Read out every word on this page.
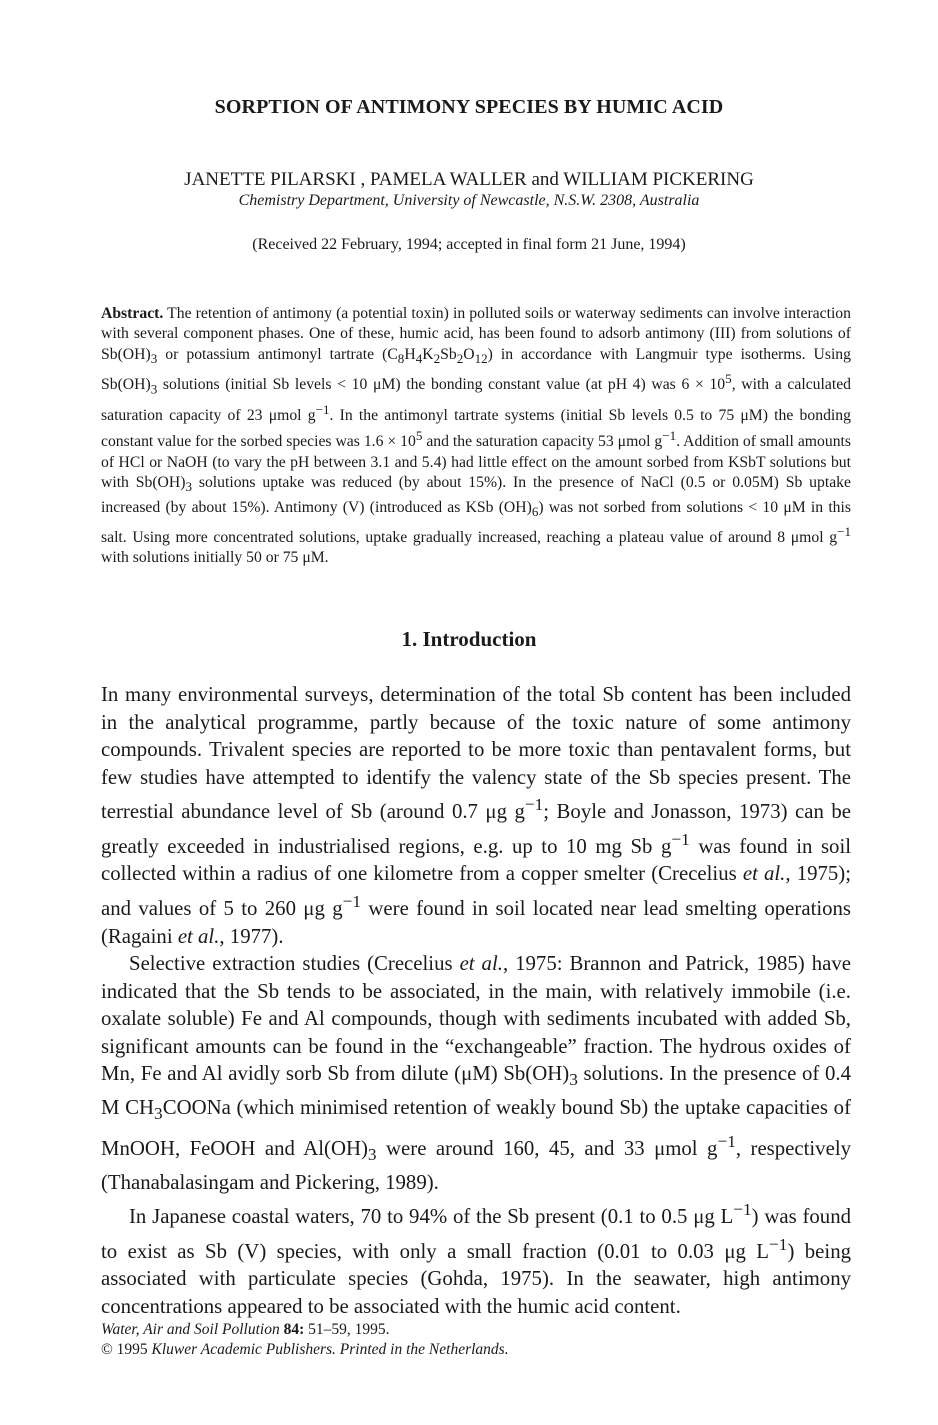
SORPTION OF ANTIMONY SPECIES BY HUMIC ACID
JANETTE PILARSKI , PAMELA WALLER and WILLIAM PICKERING
Chemistry Department, University of Newcastle, N.S.W. 2308, Australia
(Received 22 February, 1994; accepted in final form 21 June, 1994)
Abstract. The retention of antimony (a potential toxin) in polluted soils or waterway sediments can involve interaction with several component phases. One of these, humic acid, has been found to adsorb antimony (III) from solutions of $Sb(OH)_3$ or potassium antimonyl tartrate $(C_8H_4K_2Sb_2O_{12})$ in accordance with Langmuir type isotherms. Using $Sb(OH)_3$ solutions (initial Sb levels < 10 μM) the bonding constant value (at pH 4) was $6 \times 10^5$, with a calculated saturation capacity of 23 μmol $g^{-1}$. In the antimonyl tartrate systems (initial Sb levels 0.5 to 75 μM) the bonding constant value for the sorbed species was $1.6 \times 10^5$ and the saturation capacity 53 μmol $g^{-1}$. Addition of small amounts of HCl or NaOH (to vary the pH between 3.1 and 5.4) had little effect on the amount sorbed from KSbT solutions but with $Sb(OH)_3$ solutions uptake was reduced (by about 15%). In the presence of NaCl (0.5 or 0.05M) Sb uptake increased (by about 15%). Antimony (V) (introduced as KSb $(OH)_6$) was not sorbed from solutions < 10 μM in this salt. Using more concentrated solutions, uptake gradually increased, reaching a plateau value of around 8 μmol $g^{-1}$ with solutions initially 50 or 75 μM.
1. Introduction

In many environmental surveys, determination of the total Sb content has been included in the analytical programme, partly because of the toxic nature of some antimony compounds. Trivalent species are reported to be more toxic than pentavalent forms, but few studies have attempted to identify the valency state of the Sb species present. The terrestial abundance level of Sb (around 0.7 μg $g^{-1}$; Boyle and Jonasson, 1973) can be greatly exceeded in industrialised regions, e.g. up to 10 mg Sb $g^{-1}$ was found in soil collected within a radius of one kilometre from a copper smelter (Crecelius et al., 1975); and values of 5 to 260 μg $g^{-1}$ were found in soil located near lead smelting operations (Ragaini et al., 1977).

Selective extraction studies (Crecelius et al., 1975: Brannon and Patrick, 1985) have indicated that the Sb tends to be associated, in the main, with relatively immobile (i.e. oxalate soluble) Fe and Al compounds, though with sediments incubated with added Sb, significant amounts can be found in the “exchangeable” fraction. The hydrous oxides of Mn, Fe and Al avidly sorb Sb from dilute (μM) $Sb(OH)_3$ solutions. In the presence of 0.4 M $CH_3COONa$ (which minimised retention of weakly bound Sb) the uptake capacities of MnOOH, FeOOH and $Al(OH)_3$ were around 160, 45, and 33 μmol $g^{-1}$, respectively (Thanabalasingam and Pickering, 1989).

In Japanese coastal waters, 70 to 94% of the Sb present (0.1 to 0.5 μg $L^{-1}$) was found to exist as Sb (V) species, with only a small fraction (0.01 to 0.03 μg $L^{-1}$) being associated with particulate species (Gohda, 1975). In the seawater, high antimony concentrations appeared to be associated with the humic acid content.

Water, Air and Soil Pollution 84: 51–59, 1995.
© 1995 Kluwer Academic Publishers. Printed in the Netherlands.
